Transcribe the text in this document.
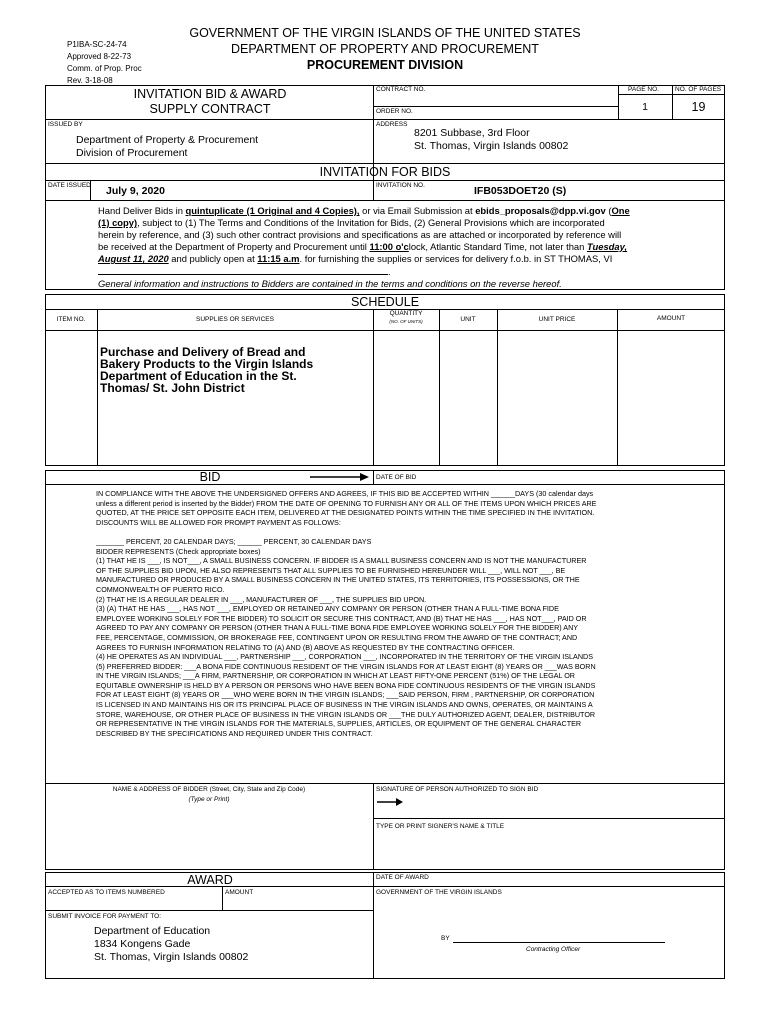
P1IBA-SC-24-74
Approved 8-22-73
Comm. of Prop. Proc
Rev. 3-18-08
GOVERNMENT OF THE VIRGIN ISLANDS OF THE UNITED STATES
DEPARTMENT OF PROPERTY AND PROCUREMENT
PROCUREMENT DIVISION
INVITATION BID & AWARD
SUPPLY CONTRACT
CONTRACT NO.
ORDER NO.
PAGE NO. NO. OF PAGES
1	19
ISSUED BY
Department of Property & Procurement
Division of Procurement
ADDRESS
8201 Subbase, 3rd Floor
St. Thomas, Virgin Islands 00802
INVITATION FOR BIDS
DATE ISSUED July 9, 2020	INVITATION NO.	IFB053DOET20 (S)
Hand Deliver Bids in quintuplicate (1 Original and 4 Copies), or via Email Submission at ebids_proposals@dpp.vi.gov (One
(1) copy), subject to (1) The Terms and Conditions of the Invitation for Bids, (2) General Provisions which are incorporated
herein by reference, and (3) such other contract provisions and specifications as are attached or incorporated by reference will
be received at the Department of Property and Procurement until 11:00 o'clock, Atlantic Standard Time, not later than Tuesday,
August 11, 2020 and publicly open at 11:15 a.m. for furnishing the supplies or services for delivery f.o.b. in ST THOMAS, VI
.
General information and instructions to Bidders are contained in the terms and conditions on the reverse hereof.
SCHEDULE
ITEM NO.	SUPPLIES OR SERVICES
QUANTITY
(NO. OF UNITS)	UNIT	UNIT PRICE	AMOUNT
Purchase and Delivery of Bread and
Bakery Products to the Virgin Islands
Department of Education in the St.
Thomas/ St. John District
BID	DATE OF BID
IN COMPLIANCE WITH THE ABOVE THE UNDERSIGNED OFFERS AND AGREES, IF THIS BID BE ACCEPTED WITHIN ______DAYS (30 calendar days
unless a different period is inserted by the Bidder) FROM THE DATE OF OPENING TO FURNISH ANY OR ALL OF THE ITEMS UPON WHICH PRICES ARE
QUOTED, AT THE PRICE SET OPPOSITE EACH ITEM, DELIVERED AT THE DESIGNATED POINTS WITHIN THE TIME SPECIFIED IN THE INVITATION.
DISCOUNTS WILL BE ALLOWED FOR PROMPT PAYMENT AS FOLLOWS:
_______ PERCENT, 20 CALENDAR DAYS; ______ PERCENT, 30 CALENDAR DAYS
BIDDER REPRESENTS (Check appropriate boxes)
(1) THAT HE IS ___, IS NOT___, A SMALL BUSINESS CONCERN. IF BIDDER IS A SMALL BUSINESS CONCERN AND IS NOT THE MANUFACTURER
OF THE SUPPLIES BID UPON, HE ALSO REPRESENTS THAT ALL SUPPLIES TO BE FURNISHED HEREUNDER WILL ___, WILL NOT ___, BE
MANUFACTURED OR PRODUCED BY A SMALL BUSINESS CONCERN IN THE UNITED STATES, ITS TERRITORIES, ITS POSSESSIONS, OR THE
COMMONWEALTH OF PUERTO RICO.
(2) THAT HE IS A REGULAR DEALER IN ___, MANUFACTURER OF ___, THE SUPPLIES BID UPON.
(3) (A) THAT HE HAS ___, HAS NOT ___, EMPLOYED OR RETAINED ANY COMPANY OR PERSON (OTHER THAN A FULL-TIME BONA FIDE
EMPLOYEE WORKING SOLELY FOR THE BIDDER) TO SOLICIT OR SECURE THIS CONTRACT, AND (B) THAT HE HAS ___, HAS NOT___, PAID OR
AGREED TO PAY ANY COMPANY OR PERSON (OTHER THAN A FULL-TIME BONA FIDE EMPLOYEE WORKING SOLELY FOR THE BIDDER) ANY
FEE, PERCENTAGE, COMMISSION, OR BROKERAGE FEE, CONTINGENT UPON OR RESULTING FROM THE AWARD OF THE CONTRACT; AND
AGREES TO FURNISH INFORMATION RELATING TO (A) AND (B) ABOVE AS REQUESTED BY THE CONTRACTING OFFICER.
(4) HE OPERATES AS AN INDIVIDUAL ___, PARTNERSHIP ___, CORPORATION ___, INCORPORATED IN THE TERRITORY OF THE VIRGIN ISLANDS
(5) PREFERRED BIDDER: ___A BONA FIDE CONTINUOUS RESIDENT OF THE VIRGIN ISLANDS FOR AT LEAST EIGHT (8) YEARS OR ___WAS BORN
IN THE VIRGIN ISLANDS; ___A FIRM, PARTNERSHIP, OR CORPORATION IN WHICH AT LEAST FIFTY-ONE PERCENT (51%) OF THE LEGAL OR
EQUITABLE OWNERSHIP IS HELD BY A PERSON OR PERSONS WHO HAVE BEEN BONA FIDE CONTINUOUS RESIDENTS OF THE VIRGIN ISLANDS
FOR AT LEAST EIGHT (8) YEARS OR ___WHO WERE BORN IN THE VIRGIN ISLANDS; ___SAID PERSON, FIRM , PARTNERSHIP, OR CORPORATION
IS LICENSED IN AND MAINTAINS HIS OR ITS PRINCIPAL PLACE OF BUSINESS IN THE VIRGIN ISLANDS AND OWNS, OPERATES, OR MAINTAINS A
STORE, WAREHOUSE, OR OTHER PLACE OF BUSINESS IN THE VIRGIN ISLANDS OR ___THE DULY AUTHORIZED AGENT, DEALER, DISTRIBUTOR
OR REPRESENTATIVE IN THE VIRGIN ISLANDS FOR THE MATERIALS, SUPPLIES, ARTICLES, OR EQUIPMENT OF THE GENERAL CHARACTER
DESCRIBED BY THE SPECIFICATIONS AND REQUIRED UNDER THIS CONTRACT.
NAME & ADDRESS OF BIDDER (Street, City, State and Zip Code)
(Type or Print)
SIGNATURE OF PERSON AUTHORIZED TO SIGN BID
TYPE OR PRINT SIGNER'S NAME & TITLE
AWARD	DATE OF AWARD
ACCEPTED AS TO ITEMS NUMBERED	AMOUNT	GOVERNMENT OF THE VIRGIN ISLANDS
SUBMIT INVOICE FOR PAYMENT TO:
Department of Education
1834 Kongens Gade
St. Thomas, Virgin Islands 00802
BY
Contracting Officer
